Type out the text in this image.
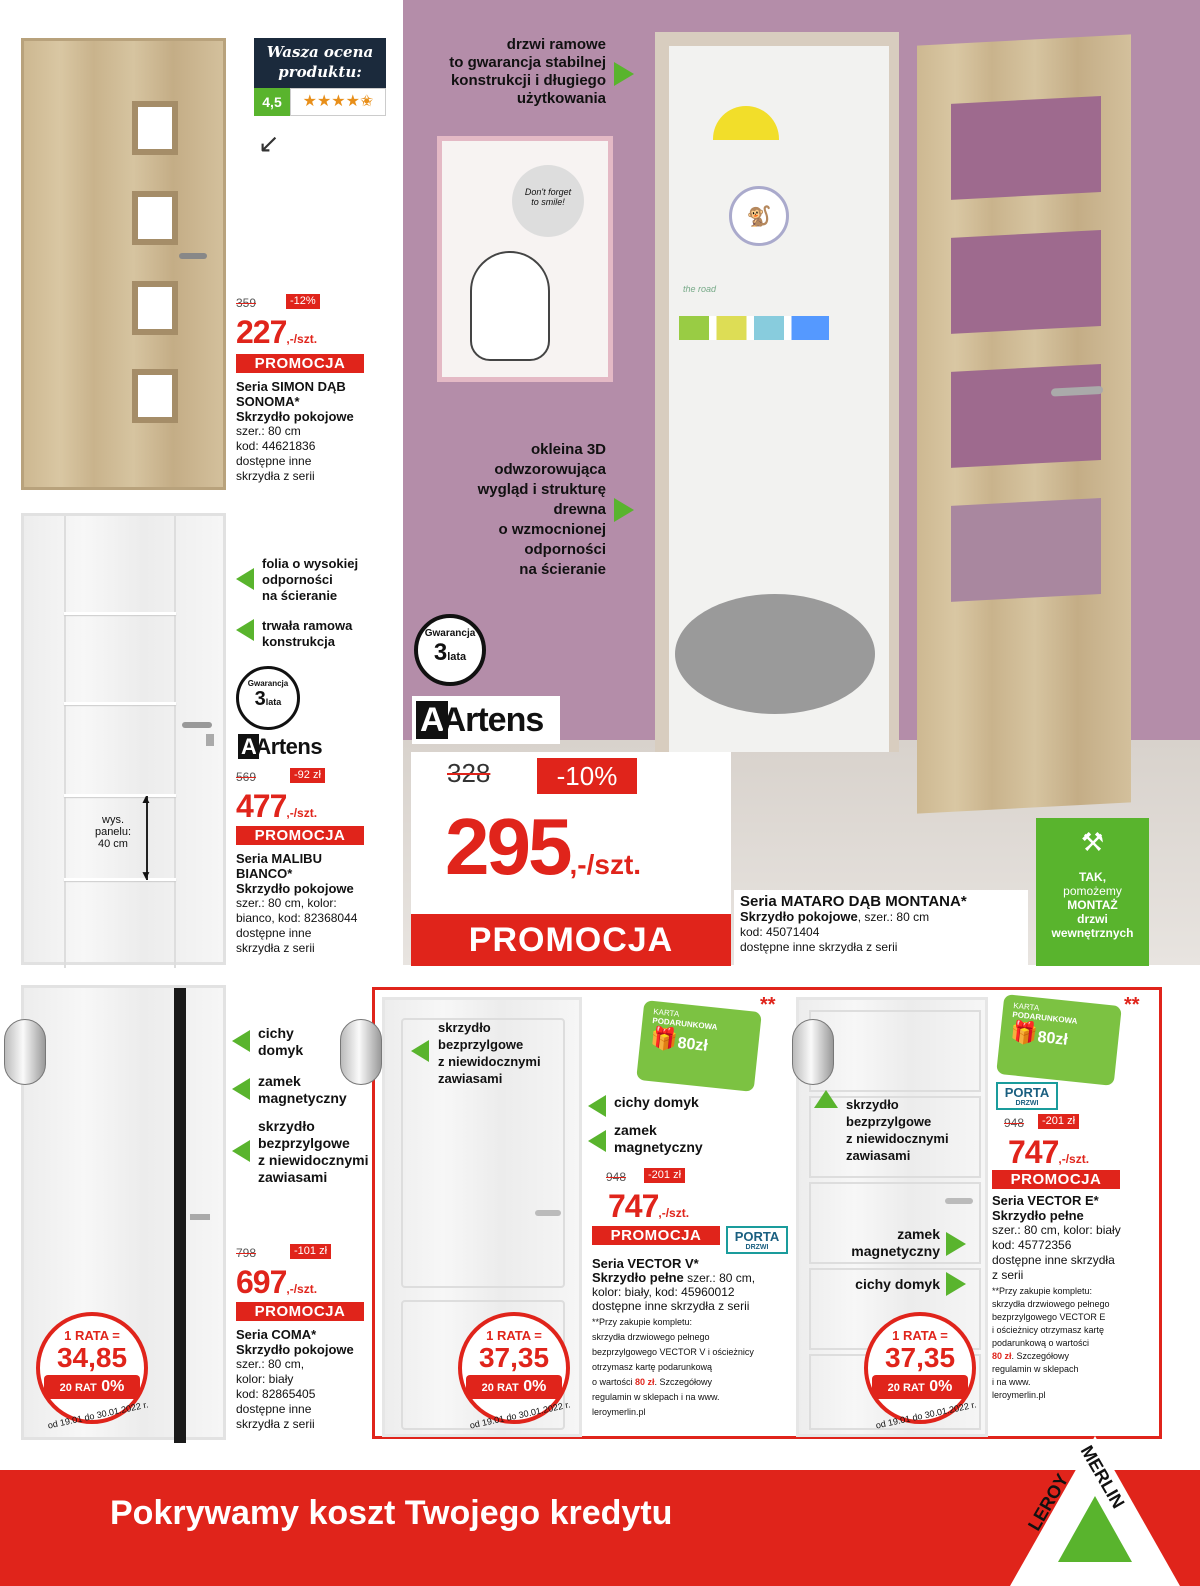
Wasza ocena
produktu:
4,5	★★★★✬
↙
359	-12%
227,-/szt.
PROMOCJA
Seria SIMON DĄB
SONOMA*
Skrzydło pokojowe
szer.: 80 cm
kod: 44621836
dostępne inne
skrzydła z serii
▲
▼
wys.
panelu:
40 cm
folia o wysokiej
odporności
na ścieranie
trwała ramowa
konstrukcja
Gwarancja
3lata
AArtens
569	-92 zł
477,-/szt.
PROMOCJA
Seria MALIBU
BIANCO*
Skrzydło pokojowe
szer.: 80 cm, kolor:
bianco, kod: 82368044
dostępne inne
skrzydła z serii
Don't forget
to smile!
🐒
the road
drzwi ramowe
to gwarancja stabilnej
konstrukcji i długiego
użytkowania
okleina 3D
odwzorowująca
wygląd i strukturę
drewna
o wzmocnionej
odporności
na ścieranie
Gwarancja
3lata
AArtens
328	-10%
295,-/szt.
PROMOCJA
Seria MATARO DĄB MONTANA*
Skrzydło pokojowe, szer.: 80 cm
kod: 45071404
dostępne inne skrzydła z serii
⚒
TAK,
pomożemy
MONTAŻ
drzwi
wewnętrznych
cichy
domyk
zamek
magnetyczny
skrzydło
bezprzylgowe
z niewidocznymi
zawiasami
798	-101 zł
697,-/szt.
PROMOCJA
Seria COMA*
Skrzydło pokojowe
szer.: 80 cm,
kolor: biały
kod: 82865405
dostępne inne
skrzydła z serii
1 RATA =
34,85
20 RAT 0%
od 19.01 do 30.01.2022 r.
skrzydło
bezprzylgowe
z niewidocznymi
zawiasami
KARTA
PODARUNKOWA
🎁80zł
**
cichy domyk
zamek
magnetyczny
948	-201 zł
747,-/szt.
PROMOCJA	PORTA
DRZWI
Seria VECTOR V*
Skrzydło pełne szer.: 80 cm,
kolor: biały, kod: 45960012
dostępne inne skrzydła z serii
**Przy zakupie kompletu:
skrzydła drzwiowego pełnego
bezprzylgowego VECTOR V i ościeżnicy
otrzymasz kartę podarunkową
o wartości 80 zł. Szczegółowy
regulamin w sklepach i na www.
leroymerlin.pl
1 RATA =
37,35
20 RAT 0%
od 19.01 do 30.01.2022 r.
skrzydło
bezprzylgowe
z niewidocznymi
zawiasami
zamek
magnetyczny
cichy domyk
KARTA
PODARUNKOWA
🎁80zł
**
PORTA
DRZWI
948	-201 zł
747,-/szt.
PROMOCJA
Seria VECTOR E*
Skrzydło pełne
szer.: 80 cm, kolor: biały
kod: 45772356
dostępne inne skrzydła
z serii
**Przy zakupie kompletu:
skrzydła drzwiowego pełnego
bezprzylgowego VECTOR E
i ościeżnicy otrzymasz kartę
podarunkową o wartości
80 zł. Szczegółowy
regulamin w sklepach
i na www.
leroymerlin.pl
1 RATA =
37,35
20 RAT 0%
od 19.01 do 30.01.2022 r.
Pokrywamy koszt Twojego kredytu	LEROY MERLIN
